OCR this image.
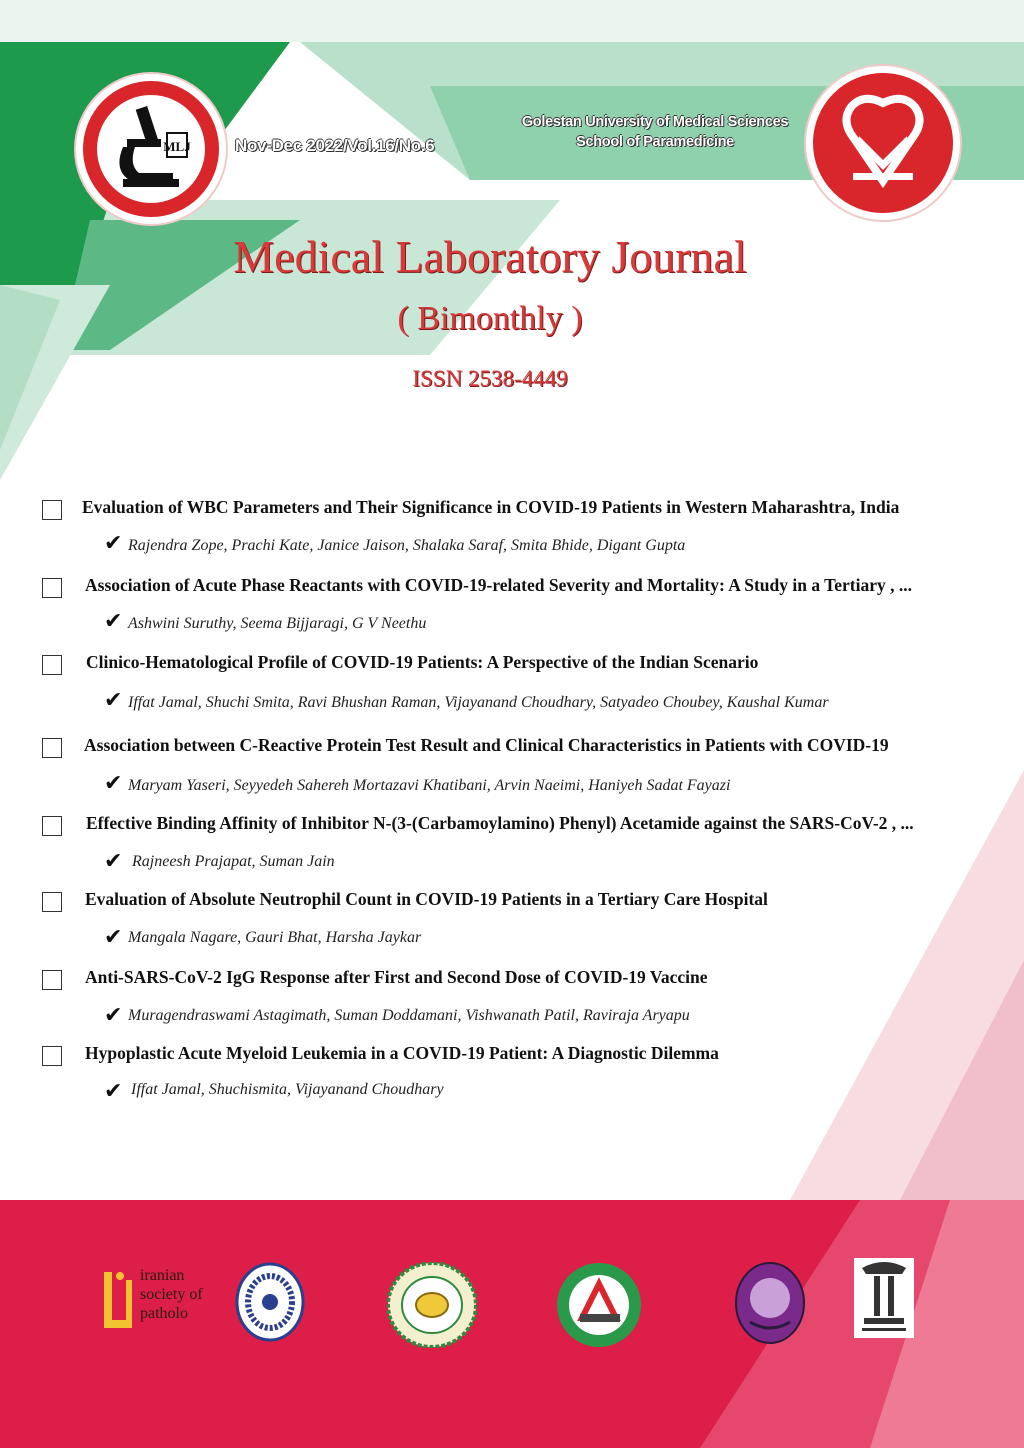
MLJ	Nov-Dec 2022/Vol.16/No.6
Golestan University of Medical Sciences
School of Paramedicine
Medical Laboratory Journal
( Bimonthly )
ISSN 2538-4449
Evaluation of WBC Parameters and Their Significance in COVID-19 Patients in Western Maharashtra, India
✔ Rajendra Zope, Prachi Kate, Janice Jaison, Shalaka Saraf, Smita Bhide, Digant Gupta
Association of Acute Phase Reactants with COVID-19-related Severity and Mortality: A Study in a Tertiary , ...
✔ Ashwini Suruthy, Seema Bijjaragi, G V Neethu
Clinico-Hematological Profile of COVID-19 Patients: A Perspective of the Indian Scenario
✔ Iffat Jamal, Shuchi Smita, Ravi Bhushan Raman, Vijayanand Choudhary, Satyadeo Choubey, Kaushal Kumar
Association between C-Reactive Protein Test Result and Clinical Characteristics in Patients with COVID-19
✔ Maryam Yaseri, Seyyedeh Sahereh Mortazavi Khatibani, Arvin Naeimi, Haniyeh Sadat Fayazi
Effective Binding Affinity of Inhibitor N-(3-(Carbamoylamino) Phenyl) Acetamide against the SARS-CoV-2 , ...
✔ Rajneesh Prajapat, Suman Jain
Evaluation of Absolute Neutrophil Count in COVID-19 Patients in a Tertiary Care Hospital
✔ Mangala Nagare, Gauri Bhat, Harsha Jaykar
Anti-SARS-CoV-2 IgG Response after First and Second Dose of COVID-19 Vaccine
✔ Muragendraswami Astagimath, Suman Doddamani, Vishwanath Patil, Raviraja Aryapu
Hypoplastic Acute Myeloid Leukemia in a COVID-19 Patient: A Diagnostic Dilemma
✔ Iffat Jamal, Shuchismita, Vijayanand Choudhary
iranian
society of
patholo
